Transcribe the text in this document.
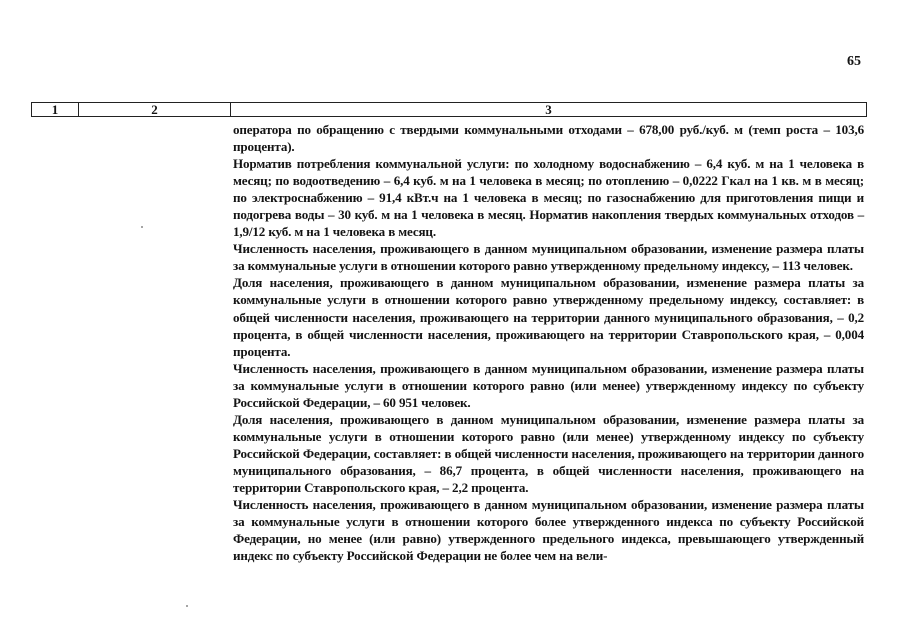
65
1	2	3

оператора по обращению с твердыми коммунальными отходами – 678,00 руб./куб. м (темп роста – 103,6 процента).

Норматив потребления коммунальной услуги: по холодному водоснабжению – 6,4 куб. м на 1 человека в месяц; по водоотведению – 6,4 куб. м на 1 человека в месяц; по отоплению – 0,0222 Гкал на 1 кв. м в месяц; по электроснабжению – 91,4 кВт.ч на 1 человека в месяц; по газоснабжению для приготовления пищи и подогрева воды – 30 куб. м на 1 человека в месяц. Норматив накопления твердых коммунальных отходов – 1,9/12 куб. м на 1 человека в месяц.

Численность населения, проживающего в данном муниципальном образовании, изменение размера платы за коммунальные услуги в отношении которого равно утвержденному предельному индексу, – 113 человек.

Доля населения, проживающего в данном муниципальном образовании, изменение размера платы за коммунальные услуги в отношении которого равно утвержденному предельному индексу, составляет: в общей численности населения, проживающего на территории данного муниципального образования, – 0,2 процента, в общей численности населения, проживающего на территории Ставропольского края, – 0,004 процента.

Численность населения, проживающего в данном муниципальном образовании, изменение размера платы за коммунальные услуги в отношении которого равно (или менее) утвержденному индексу по субъекту Российской Федерации, – 60 951 человек.

Доля населения, проживающего в данном муниципальном образовании, изменение размера платы за коммунальные услуги в отношении которого равно (или менее) утвержденному индексу по субъекту Российской Федерации, составляет: в общей численности населения, проживающего на территории данного муниципального образования, – 86,7 процента, в общей численности населения, проживающего на территории Ставропольского края, – 2,2 процента.

Численность населения, проживающего в данном муниципальном образовании, изменение размера платы за коммунальные услуги в отношении которого более утвержденного индекса по субъекту Российской Федерации, но менее (или равно) утвержденного предельного индекса, превышающего утвержденный индекс по субъекту Российской Федерации не более чем на вели-
